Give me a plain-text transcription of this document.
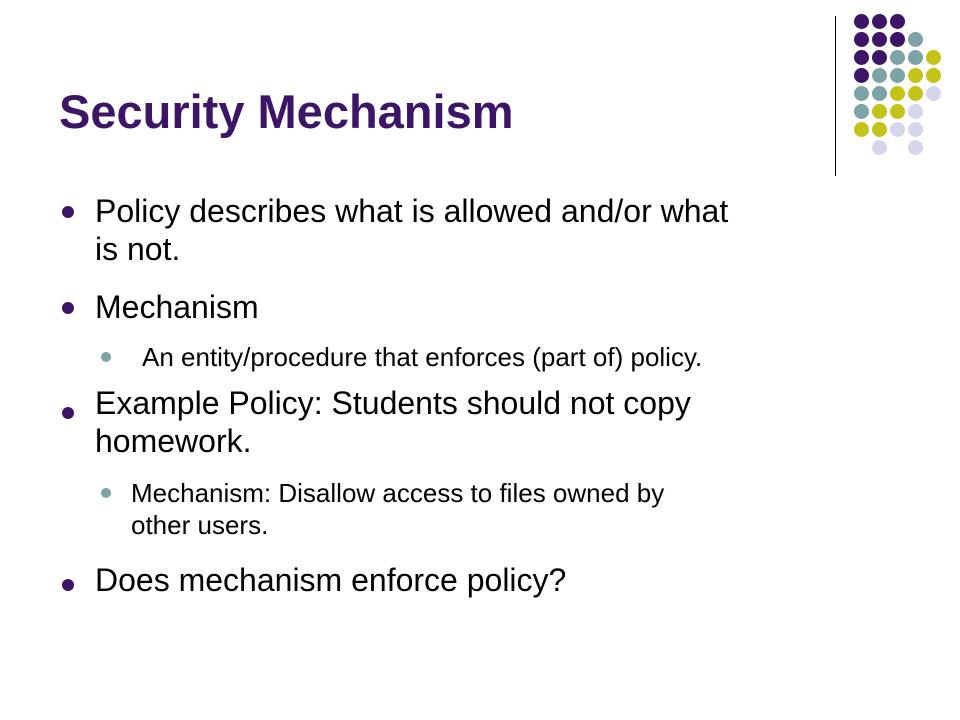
Security Mechanism
Policy describes what is allowed and/or what
is not.
Mechanism
An entity/procedure that enforces (part of) policy.
Example Policy: Students should not copy
homework.
Mechanism: Disallow access to files owned by
other users.
Does mechanism enforce policy?
